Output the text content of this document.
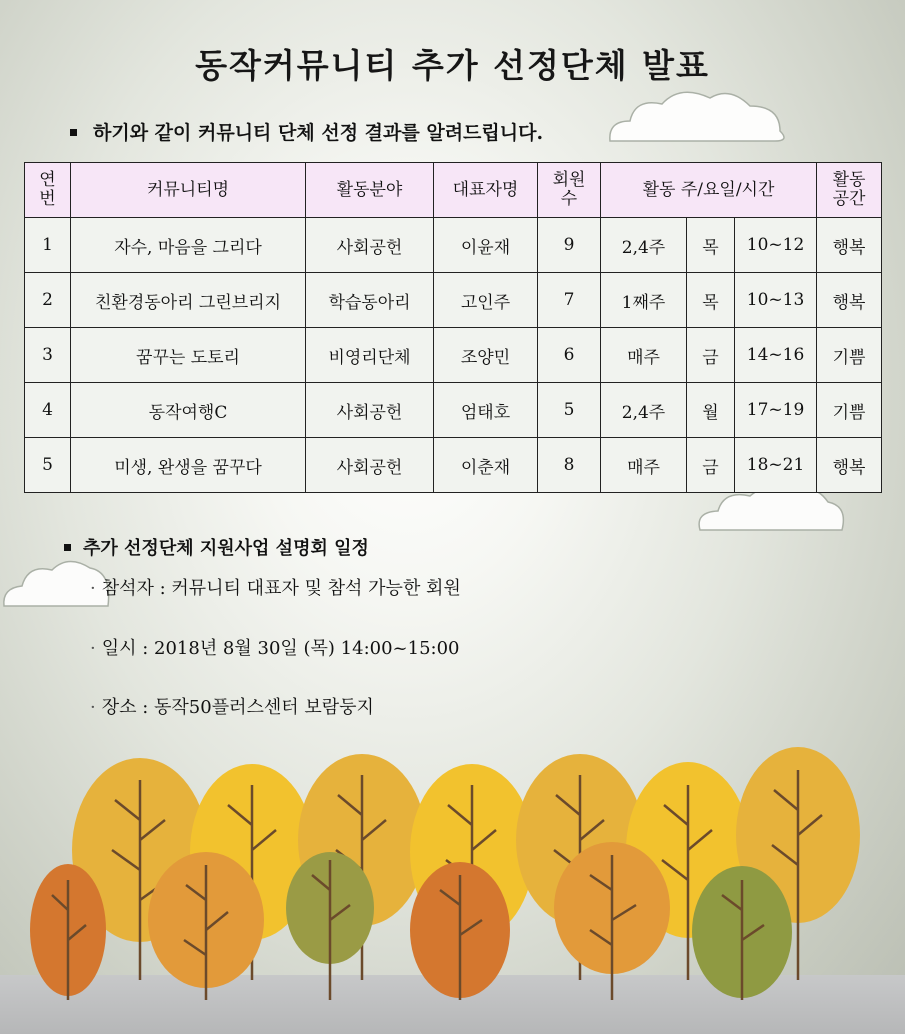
동작커뮤니티 추가 선정단체 발표
하기와 같이 커뮤니티 단체 선정 결과를 알려드립니다.
연번	커뮤니티명	활동분야	대표자명	회원수	활동 주/요일/시간			활동공간
1	자수, 마음을 그리다	사회공헌	이윤재	9	2,4주	목	10~12	행복
2	친환경동아리 그린브리지	학습동아리	고인주	7	1째주	목	10~13	행복
3	꿈꾸는 도토리	비영리단체	조양민	6	매주	금	14~16	기쁨
4	동작여행C	사회공헌	엄태호	5	2,4주	월	17~19	기쁨
5	미생, 완생을 꿈꾸다	사회공헌	이춘재	8	매주	금	18~21	행복
추가 선정단체 지원사업 설명회 일정
· 참석자 : 커뮤니티 대표자 및 참석 가능한 회원
· 일시 : 2018년 8월 30일 (목) 14:00~15:00
· 장소 : 동작50플러스센터 보람둥지
